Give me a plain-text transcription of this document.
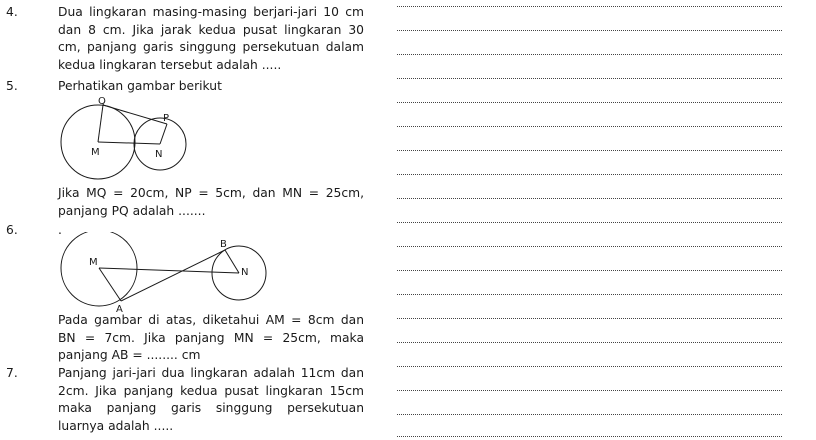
4.	Dua lingkaran masing-masing berjari-jari 10 cm
dan 8 cm. Jika jarak kedua pusat lingkaran 30
cm, panjang garis singgung persekutuan dalam
kedua lingkaran tersebut adalah .....
5.	Perhatikan gambar berikut
Q
P
M	N
Jika MQ = 20cm, NP = 5cm, dan MN = 25cm,
panjang PQ adalah .......
6.	.
M
N
A
B
Pada gambar di atas, diketahui AM = 8cm dan
BN = 7cm. Jika panjang MN = 25cm, maka
panjang AB = ........ cm
7.	Panjang jari-jari dua lingkaran adalah 11cm dan
2cm. Jika panjang kedua pusat lingkaran 15cm
maka panjang garis singgung persekutuan
luarnya adalah .....
